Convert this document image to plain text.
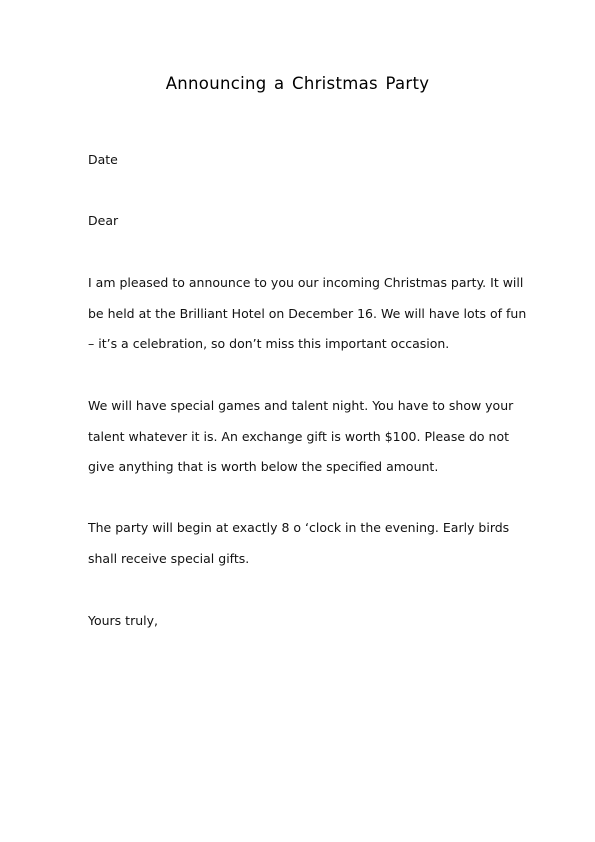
Announcing a Christmas Party

Date

Dear

I am pleased to announce to you our incoming Christmas party. It will

be held at the Brilliant Hotel on December 16. We will have lots of fun

– it’s a celebration, so don’t miss this important occasion.

We will have special games and talent night. You have to show your

talent whatever it is. An exchange gift is worth $100. Please do not

give anything that is worth below the specified amount.

The party will begin at exactly 8 o ‘clock in the evening. Early birds

shall receive special gifts.

Yours truly,
